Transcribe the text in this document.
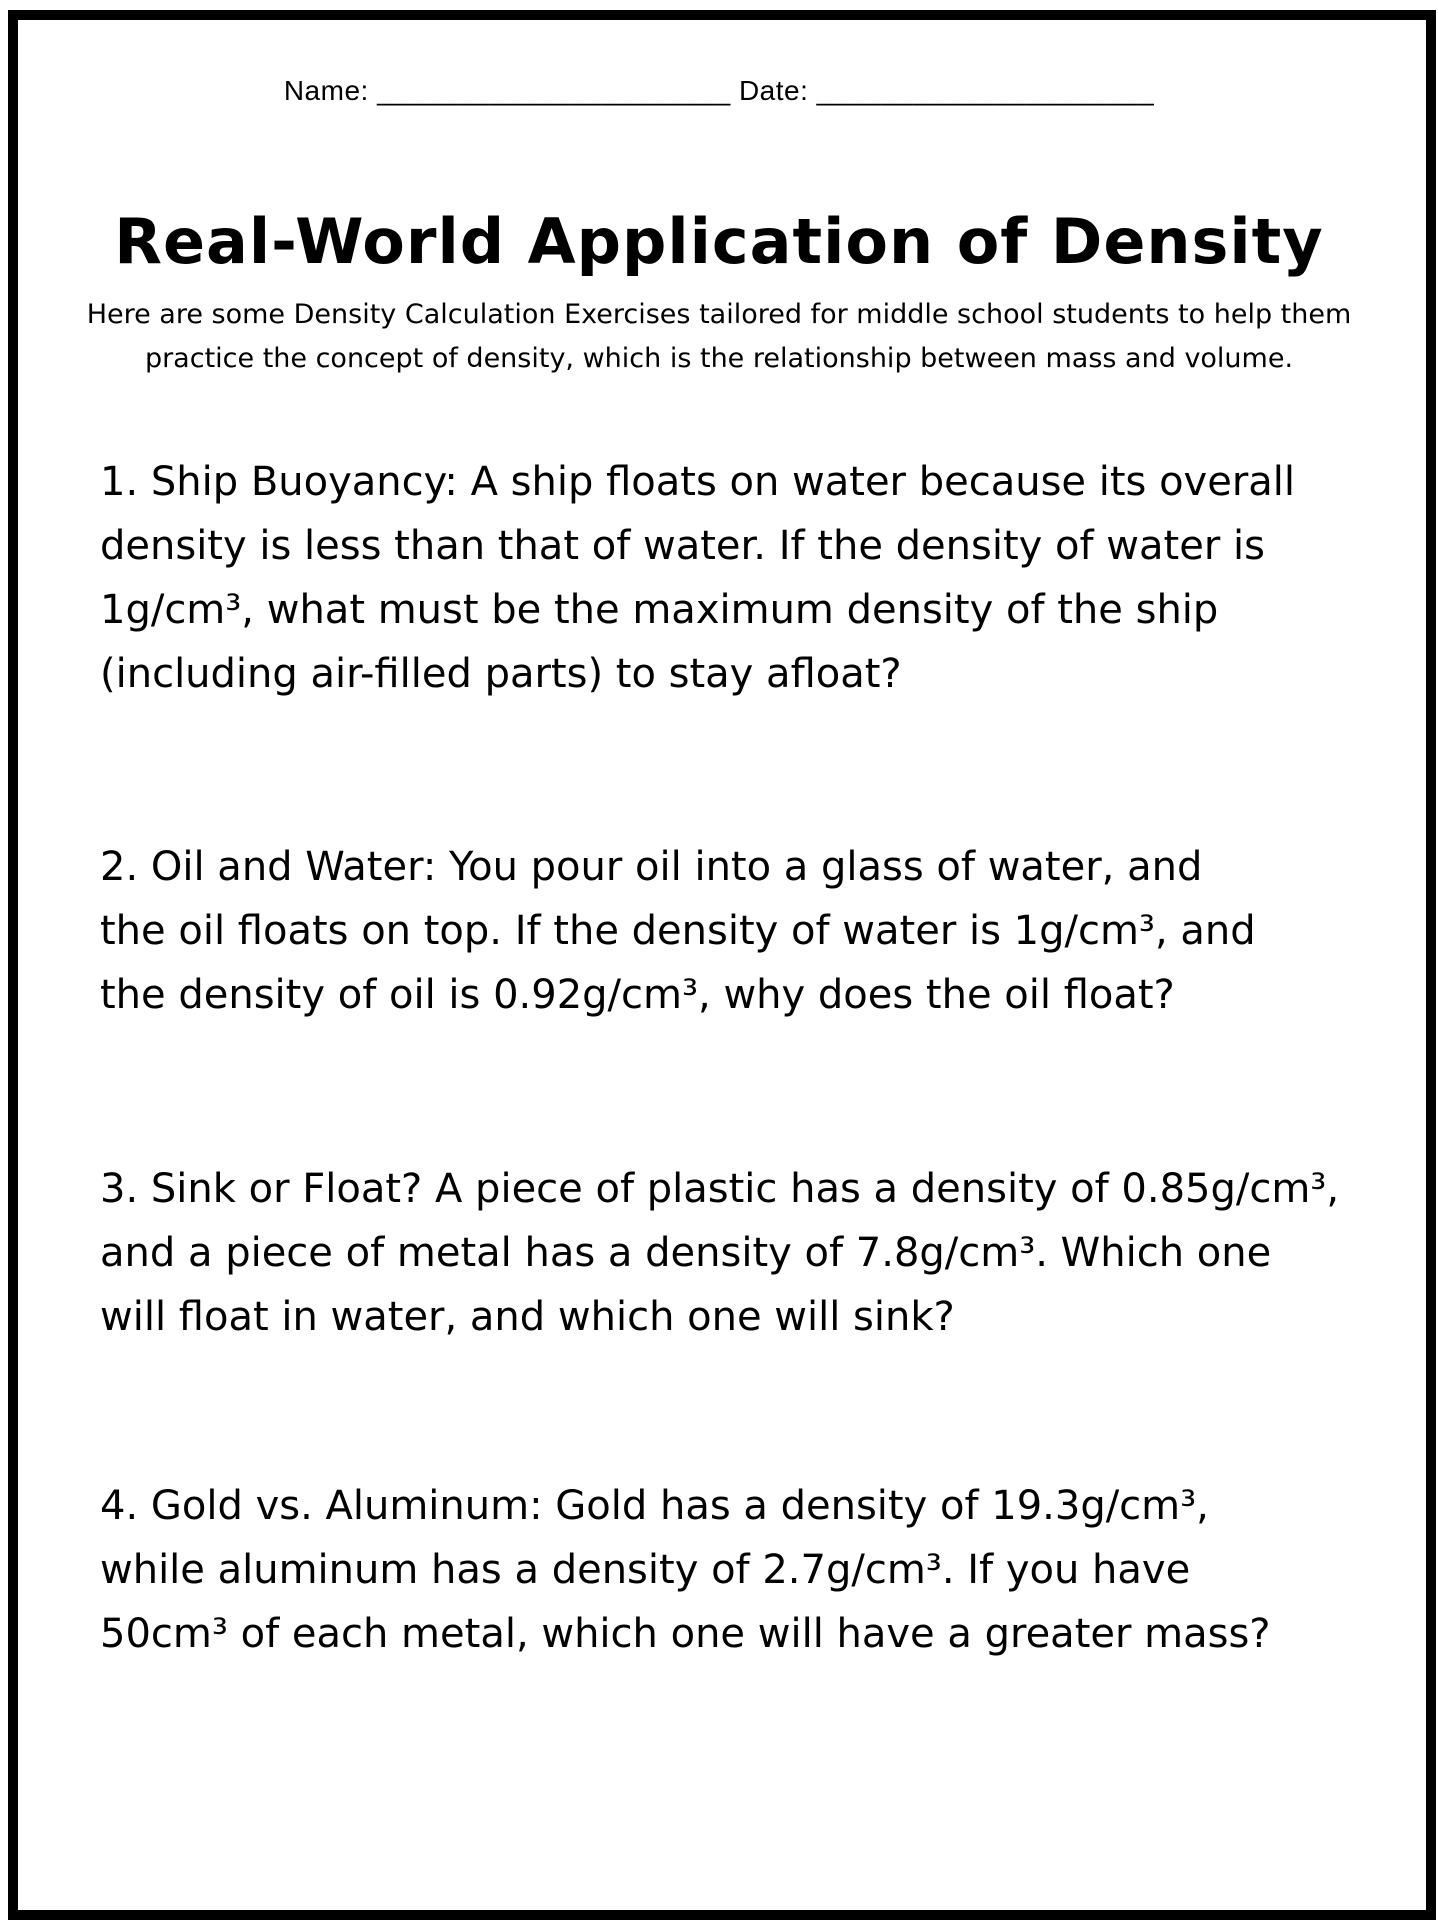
Name: ______________________ Date: _____________________
Real-World Application of Density
Here are some Density Calculation Exercises tailored for middle school students to help them
practice the concept of density, which is the relationship between mass and volume.
1. Ship Buoyancy: A ship floats on water because its overall
density is less than that of water. If the density of water is
1g/cm³, what must be the maximum density of the ship
(including air-filled parts) to stay afloat?
2. Oil and Water: You pour oil into a glass of water, and
the oil floats on top. If the density of water is 1g/cm³, and
the density of oil is 0.92g/cm³, why does the oil float?
3. Sink or Float? A piece of plastic has a density of 0.85g/cm³,
and a piece of metal has a density of 7.8g/cm³. Which one
will float in water, and which one will sink?
4. Gold vs. Aluminum: Gold has a density of 19.3g/cm³,
while aluminum has a density of 2.7g/cm³. If you have
50cm³ of each metal, which one will have a greater mass?
